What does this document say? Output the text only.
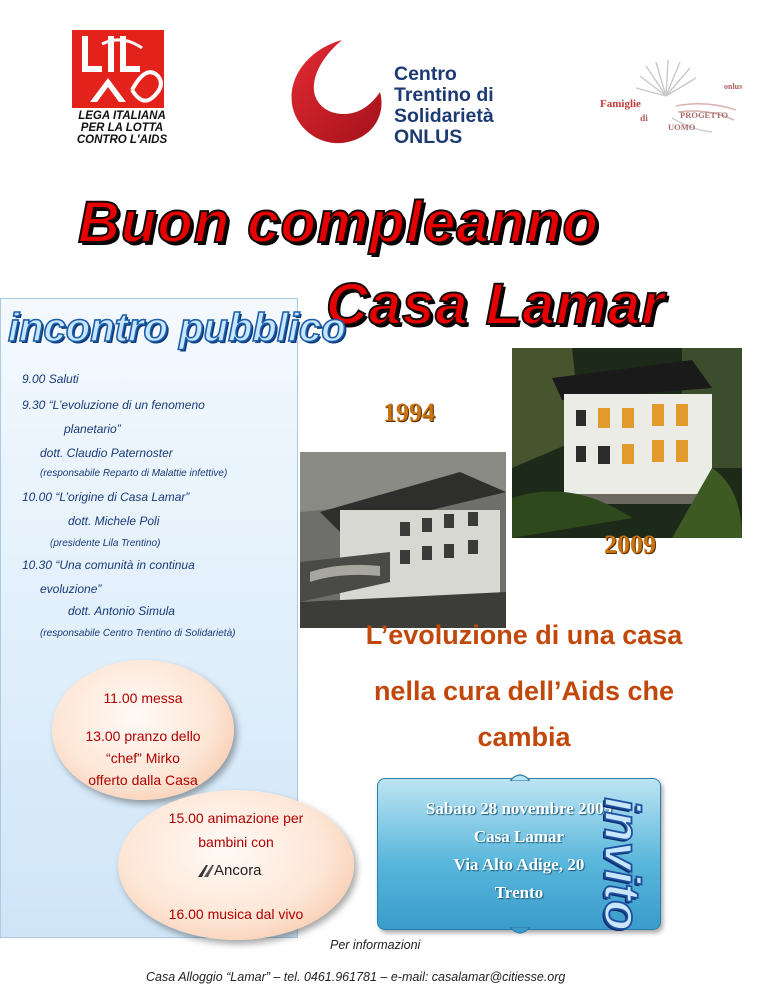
LEGA ITALIANA
PER LA LOTTA
CONTRO L'AIDS
Centro
Trentino di
Solidarietà
ONLUS
Famiglie
di	PROGETTO
UOMO
onlus
Buon compleanno
Casa Lamar
incontro pubblico
9.00 Saluti
9.30 “L’evoluzione di un fenomeno
planetario”
dott. Claudio Paternoster
(responsabile Reparto di Malattie infettive)
10.00 “L’origine di Casa Lamar”
dott. Michele Poli
(presidente Lila Trentino)
10.30 “Una comunità in continua
evoluzione”
dott. Antonio Simula
(responsabile Centro Trentino di Solidarietà)
11.00 messa
13.00 pranzo dello
“chef” Mirko
offerto dalla Casa
15.00 animazione per
bambini con
Ancora
16.00 musica dal vivo
1994
2009
L’evoluzione di una casa
nella cura dell’Aids che
cambia
Sabato 28 novembre 2009
Casa Lamar
Via Alto Adige, 20
Trento	invito
Per informazioni
Casa Alloggio “Lamar” – tel. 0461.961781 – e-mail: casalamar@citiesse.org
